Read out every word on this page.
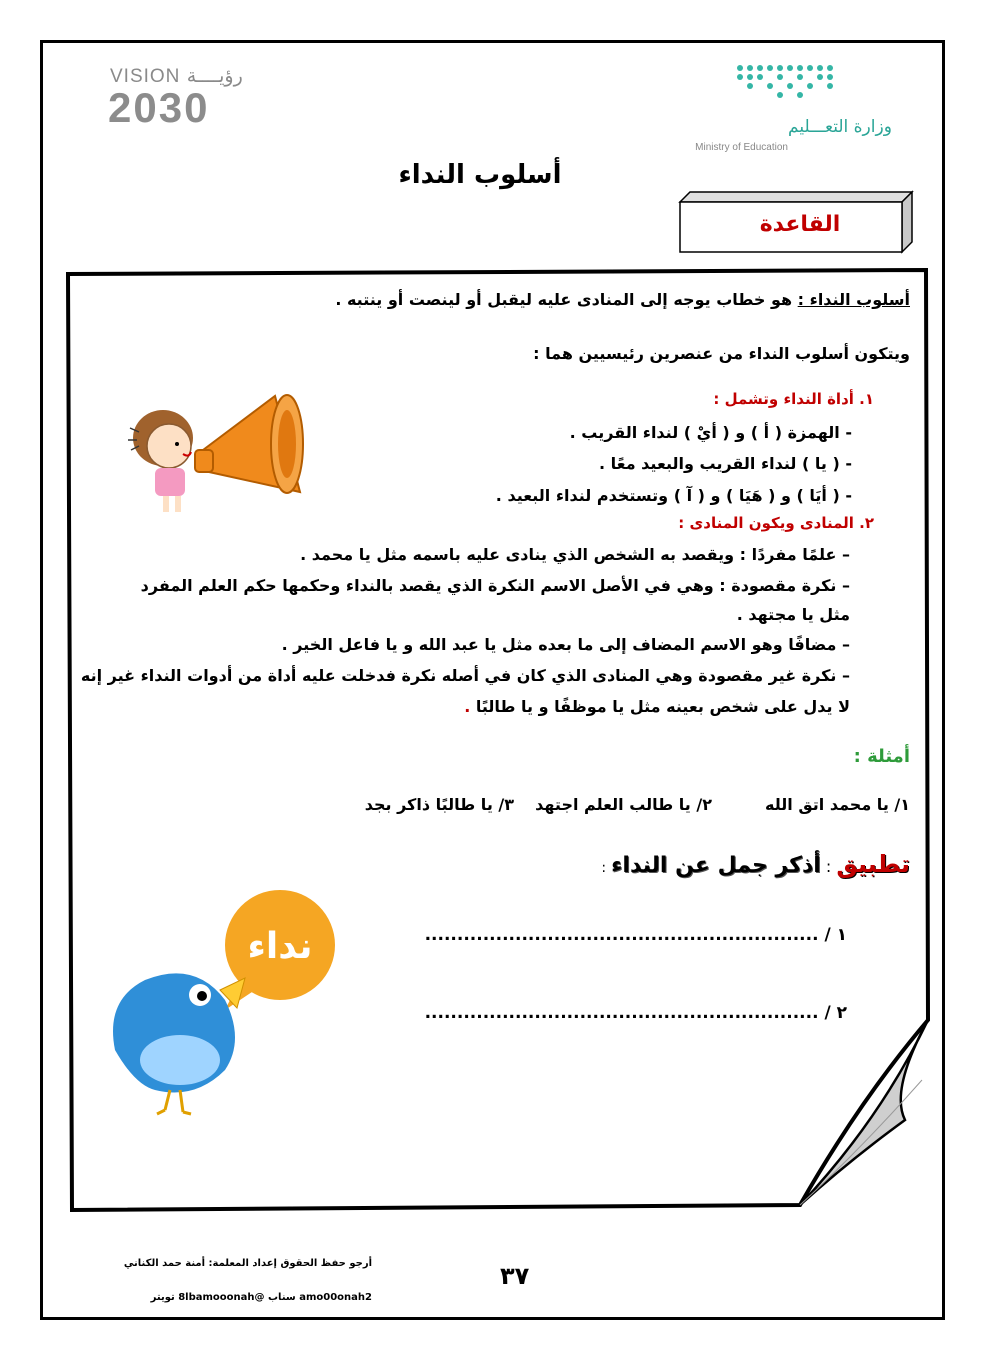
VISION رؤيــــة
2030	وزارة التعـــليم
Ministry of Education
أسلوب النداء
القاعدة
أسلوب النداء : هو خطاب يوجه إلى المنادى عليه ليقبل أو لينصت أو ينتبه .
ويتكون أسلوب النداء من عنصرين رئيسيين هما :
١. أداة النداء وتشمل :
- الهمزة ( أ ) و ( أيْ ) لنداء القريب .
- ( يا ) لنداء القريب والبعيد معًا .
- ( أيَا ) و ( هَيَا ) و ( آ ) وتستخدم لنداء البعيد .
٢. المنادى ويكون المنادى :
– علمًا مفردًا : ويقصد به الشخص الذي ينادى عليه باسمه مثل يا محمد .
– نكرة مقصودة : وهي في الأصل الاسم النكرة الذي يقصد بالنداء وحكمها حكم العلم المفرد
مثل يا مجتهد .
– مضافًا وهو الاسم المضاف إلى ما بعده مثل يا عبد الله و يا فاعل الخير .
– نكرة غير مقصودة وهي المنادى الذي كان في أصله نكرة فدخلت عليه أداة من أدوات النداء غير إنه
لا يدل على شخص بعينه مثل يا موظفًا و يا طالبًا .
أمثلة :
١/ يا محمد اتق الله
٢/ يا طالب العلم اجتهد
٣/ يا طالبًا ذاكر بجد
تطبيق : أذكر جمل عن النداء :
١ / .............................................................
٢ / .............................................................
نداء
أرجو حفظ الحقوق إعداد المعلمة: أمنة حمد الكناني	٣٧
amo00onah2 سناب @8lbamooonah تويتر
